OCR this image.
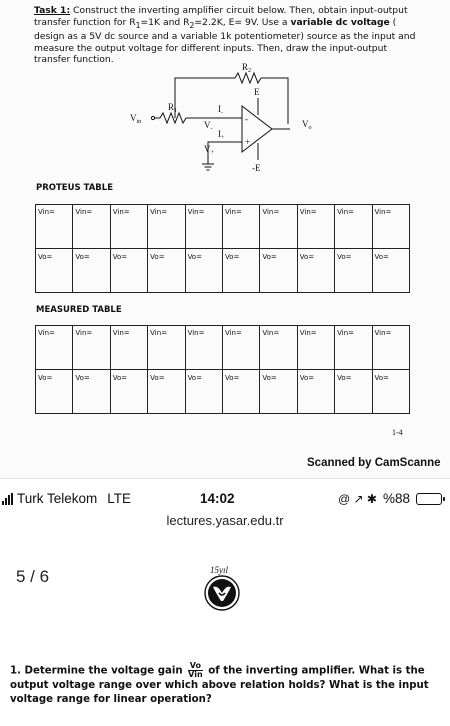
Task 1: Construct the inverting amplifier circuit below. Then, obtain input-output transfer function for $R_1=1K$ and $R_2=2.2K$, E= 9V. Use a variable dc voltage ( design as a 5V dc source and a variable 1k potentiometer) source as the input and measure the output voltage for different inputs. Then, draw the input-output transfer function.
$R_2$
$V_{in}$
$R_1$
-
+
$I_-$
$V_-$ $I_+$
$V_+$
E
-E
$V_o$
PROTEUS TABLE
Vin=	Vin=	Vin=	Vin=	Vin=	Vin=	Vin=	Vin=	Vin=	Vin=
Vo=	Vo=	Vo=	Vo=	Vo=	Vo=	Vo=	Vo=	Vo=	Vo=
MEASURED TABLE
Vin=	Vin=	Vin=	Vin=	Vin=	Vin=	Vin=	Vin=	Vin=	Vin=
Vo=	Vo=	Vo=	Vo=	Vo=	Vo=	Vo=	Vo=	Vo=	Vo=
1-4
Scanned by CamScanne
Turk Telekom LTE	14:02	@ ↗ ✱ %88
lectures.yasar.edu.tr
5 / 6	15yıl
1. Determine the voltage gain $\frac{Vo}{\text{Vin}}$ of the inverting amplifier. What is the output voltage range over which above relation holds? What is the input voltage range for linear operation?
